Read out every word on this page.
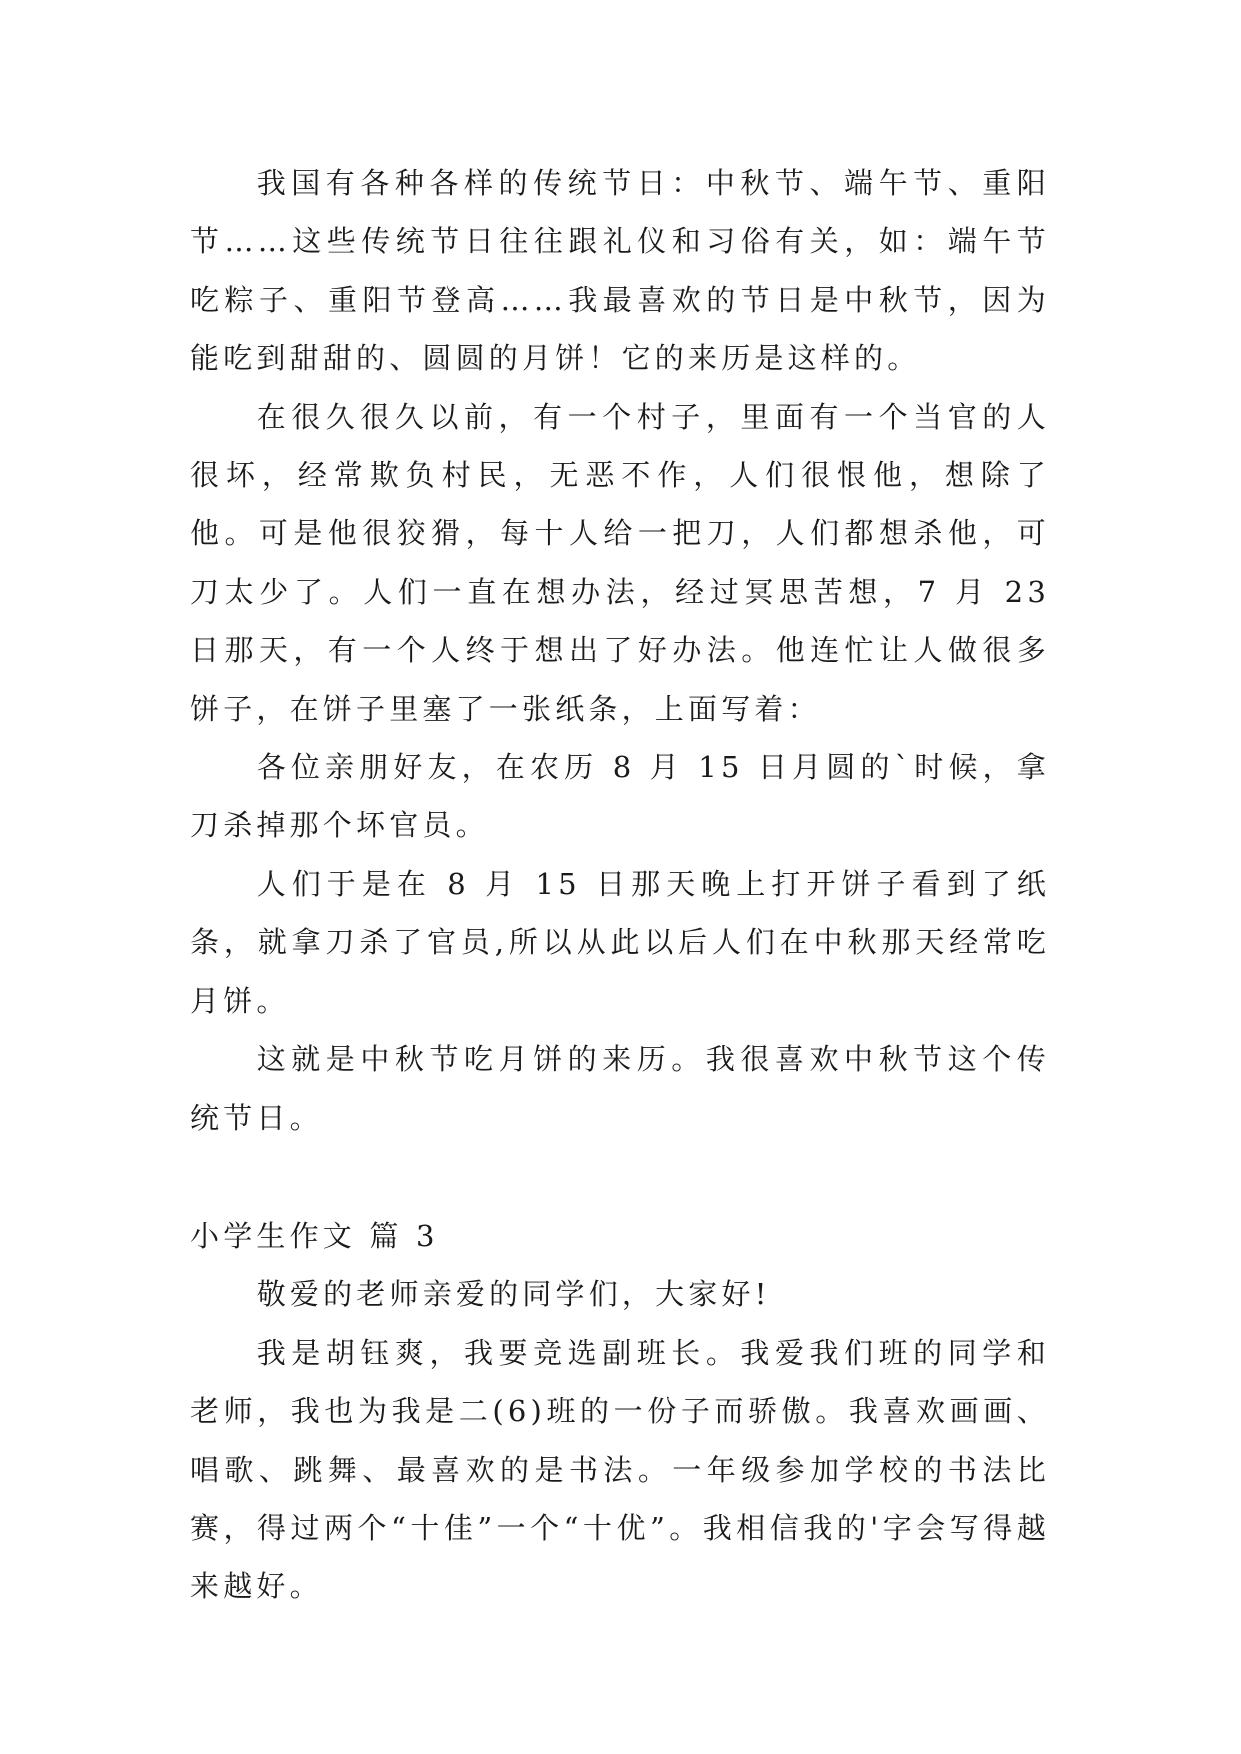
我国有各种各样的传统节日：中秋节、端午节、重阳节……这些传统节日往往跟礼仪和习俗有关，如：端午节吃粽子、重阳节登高……我最喜欢的节日是中秋节，因为能吃到甜甜的、圆圆的月饼！它的来历是这样的。

在很久很久以前，有一个村子，里面有一个当官的人很坏，经常欺负村民，无恶不作，人们很恨他，想除了他。可是他很狡猾，每十人给一把刀，人们都想杀他，可刀太少了。人们一直在想办法，经过冥思苦想，7 月 23 日那天，有一个人终于想出了好办法。他连忙让人做很多饼子，在饼子里塞了一张纸条，上面写着：

各位亲朋好友，在农历 8 月 15 日月圆的`时候，拿刀杀掉那个坏官员。

人们于是在 8 月 15 日那天晚上打开饼子看到了纸条，就拿刀杀了官员,所以从此以后人们在中秋那天经常吃月饼。

这就是中秋节吃月饼的来历。我很喜欢中秋节这个传统节日。

小学生作文 篇 3

敬爱的老师亲爱的同学们，大家好!

我是胡钰爽，我要竞选副班长。我爱我们班的同学和老师，我也为我是二(6)班的一份子而骄傲。我喜欢画画、唱歌、跳舞、最喜欢的是书法。一年级参加学校的书法比赛，得过两个“十佳”一个“十优”。我相信我的'字会写得越来越好。
